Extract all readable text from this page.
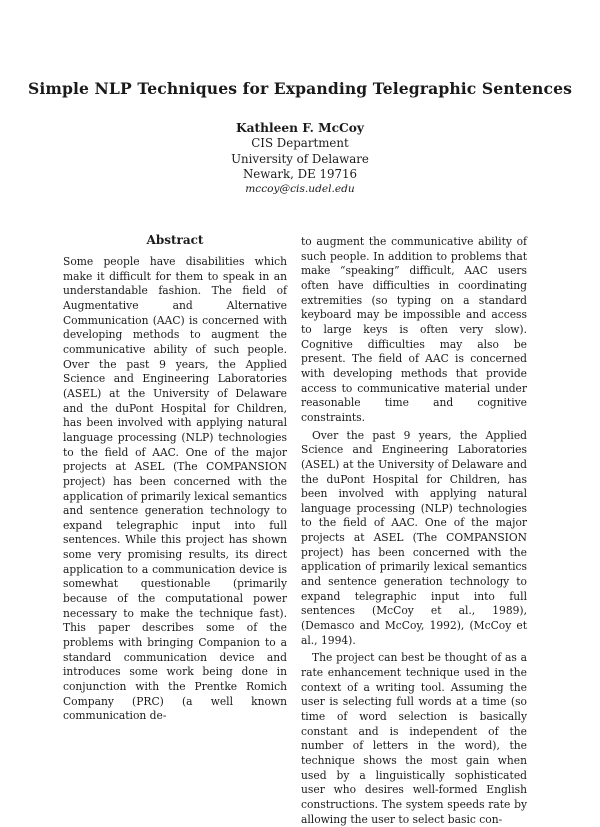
Simple NLP Techniques for Expanding Telegraphic Sentences
Kathleen F. McCoy
CIS Department
University of Delaware
Newark, DE 19716
mccoy@cis.udel.edu
Abstract

Some people have disabilities which make it difficult for them to speak in an understandable fashion. The field of Augmentative and Alternative Communication (AAC) is concerned with developing methods to augment the communicative ability of such people. Over the past 9 years, the Applied Science and Engineering Laboratories (ASEL) at the University of Delaware and the duPont Hospital for Children, has been involved with applying natural language processing (NLP) technologies to the field of AAC. One of the major projects at ASEL (The COMPANSION project) has been concerned with the application of primarily lexical semantics and sentence generation technology to expand telegraphic input into full sentences. While this project has shown some very promising results, its direct application to a communication device is somewhat questionable (primarily because of the computational power necessary to make the technique fast). This paper describes some of the problems with bringing Companion to a standard communication device and introduces some work being done in conjunction with the Prentke Romich Company (PRC) (a well known communication de-

to augment the communicative ability of such people. In addition to problems that make “speaking” difficult, AAC users often have difficulties in coordinating extremities (so typing on a standard keyboard may be impossible and access to large keys is often very slow). Cognitive difficulties may also be present. The field of AAC is concerned with developing methods that provide access to communicative material under reasonable time and cognitive constraints.

Over the past 9 years, the Applied Science and Engineering Laboratories (ASEL) at the University of Delaware and the duPont Hospital for Children, has been involved with applying natural language processing (NLP) technologies to the field of AAC. One of the major projects at ASEL (The COMPANSION project) has been concerned with the application of primarily lexical semantics and sentence generation technology to expand telegraphic input into full sentences (McCoy et al., 1989), (Demasco and McCoy, 1992), (McCoy et al., 1994).

The project can best be thought of as a rate enhancement technique used in the context of a writing tool. Assuming the user is selecting full words at a time (so time of word selection is basically constant and is independent of the number of letters in the word), the technique shows the most gain when used by a linguistically sophisticated user who desires well-formed English constructions. The system speeds rate by allowing the user to select basic con-
